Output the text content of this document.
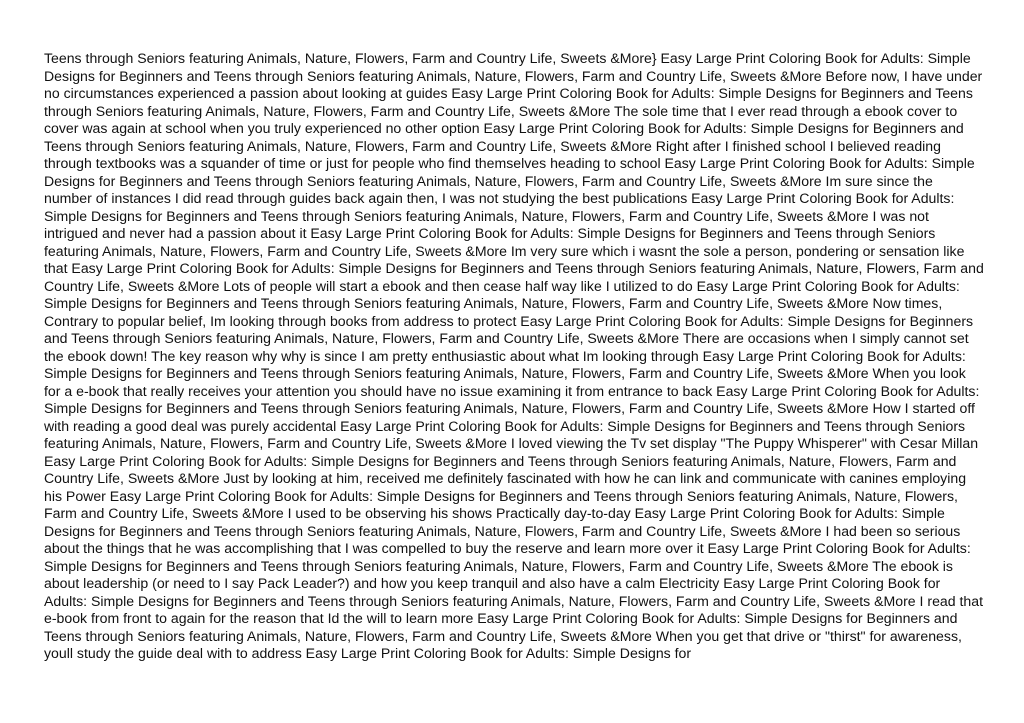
Teens through Seniors featuring Animals, Nature, Flowers, Farm and Country Life, Sweets &More} Easy Large Print Coloring Book for Adults: Simple Designs for Beginners and Teens through Seniors featuring Animals, Nature, Flowers, Farm and Country Life, Sweets &More Before now, I have under no circumstances experienced a passion about looking at guides Easy Large Print Coloring Book for Adults: Simple Designs for Beginners and Teens through Seniors featuring Animals, Nature, Flowers, Farm and Country Life, Sweets &More The sole time that I ever read through a ebook cover to cover was again at school when you truly experienced no other option Easy Large Print Coloring Book for Adults: Simple Designs for Beginners and Teens through Seniors featuring Animals, Nature, Flowers, Farm and Country Life, Sweets &More Right after I finished school I believed reading through textbooks was a squander of time or just for people who find themselves heading to school Easy Large Print Coloring Book for Adults: Simple Designs for Beginners and Teens through Seniors featuring Animals, Nature, Flowers, Farm and Country Life, Sweets &More Im sure since the number of instances I did read through guides back again then, I was not studying the best publications Easy Large Print Coloring Book for Adults: Simple Designs for Beginners and Teens through Seniors featuring Animals, Nature, Flowers, Farm and Country Life, Sweets &More I was not intrigued and never had a passion about it Easy Large Print Coloring Book for Adults: Simple Designs for Beginners and Teens through Seniors featuring Animals, Nature, Flowers, Farm and Country Life, Sweets &More Im very sure which i wasnt the sole a person, pondering or sensation like that Easy Large Print Coloring Book for Adults: Simple Designs for Beginners and Teens through Seniors featuring Animals, Nature, Flowers, Farm and Country Life, Sweets &More Lots of people will start a ebook and then cease half way like I utilized to do Easy Large Print Coloring Book for Adults: Simple Designs for Beginners and Teens through Seniors featuring Animals, Nature, Flowers, Farm and Country Life, Sweets &More Now times, Contrary to popular belief, Im looking through books from address to protect Easy Large Print Coloring Book for Adults: Simple Designs for Beginners and Teens through Seniors featuring Animals, Nature, Flowers, Farm and Country Life, Sweets &More There are occasions when I simply cannot set the ebook down! The key reason why why is since I am pretty enthusiastic about what Im looking through Easy Large Print Coloring Book for Adults: Simple Designs for Beginners and Teens through Seniors featuring Animals, Nature, Flowers, Farm and Country Life, Sweets &More When you look for a e-book that really receives your attention you should have no issue examining it from entrance to back Easy Large Print Coloring Book for Adults: Simple Designs for Beginners and Teens through Seniors featuring Animals, Nature, Flowers, Farm and Country Life, Sweets &More How I started off with reading a good deal was purely accidental Easy Large Print Coloring Book for Adults: Simple Designs for Beginners and Teens through Seniors featuring Animals, Nature, Flowers, Farm and Country Life, Sweets &More I loved viewing the Tv set display "The Puppy Whisperer" with Cesar Millan Easy Large Print Coloring Book for Adults: Simple Designs for Beginners and Teens through Seniors featuring Animals, Nature, Flowers, Farm and Country Life, Sweets &More Just by looking at him, received me definitely fascinated with how he can link and communicate with canines employing his Power Easy Large Print Coloring Book for Adults: Simple Designs for Beginners and Teens through Seniors featuring Animals, Nature, Flowers, Farm and Country Life, Sweets &More I used to be observing his shows Practically day-to-day Easy Large Print Coloring Book for Adults: Simple Designs for Beginners and Teens through Seniors featuring Animals, Nature, Flowers, Farm and Country Life, Sweets &More I had been so serious about the things that he was accomplishing that I was compelled to buy the reserve and learn more over it Easy Large Print Coloring Book for Adults: Simple Designs for Beginners and Teens through Seniors featuring Animals, Nature, Flowers, Farm and Country Life, Sweets &More The ebook is about leadership (or need to I say Pack Leader?) and how you keep tranquil and also have a calm Electricity Easy Large Print Coloring Book for Adults: Simple Designs for Beginners and Teens through Seniors featuring Animals, Nature, Flowers, Farm and Country Life, Sweets &More I read that e-book from front to again for the reason that Id the will to learn more Easy Large Print Coloring Book for Adults: Simple Designs for Beginners and Teens through Seniors featuring Animals, Nature, Flowers, Farm and Country Life, Sweets &More When you get that drive or "thirst" for awareness, youll study the guide deal with to address Easy Large Print Coloring Book for Adults: Simple Designs for
